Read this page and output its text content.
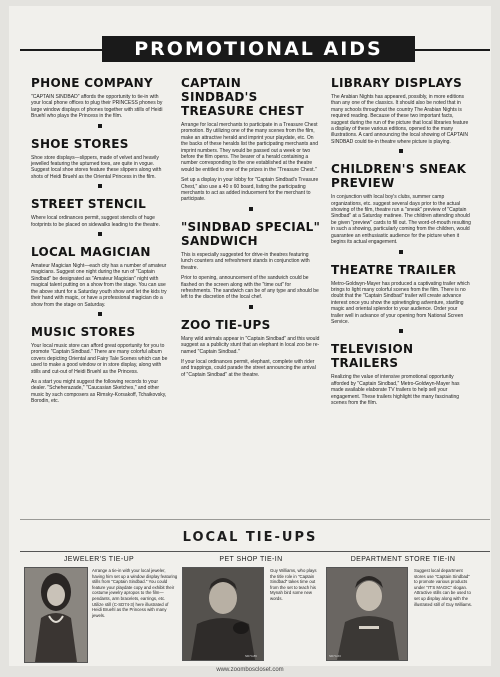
PROMOTIONAL AIDS
PHONE COMPANY

"CAPTAIN SINDBAD" affords the opportunity to tie-in with your local phone offices to plug their PRINCESS phones by large window displays of phones together with stills of Heidi Bruehl who plays the Princess in the film.

SHOE STORES

Shoe store displays—slippers, made of velvet and heavily jewelled featuring the upturned toes, are quite in vogue. Suggest local shoe stores feature these slippers along with shots of Heidi Bruehl as the Oriental Princess in the film.

STREET STENCIL

Where local ordinances permit, suggest stencils of huge footprints to be placed on sidewalks leading to the theatre.

LOCAL MAGICIAN

Amateur Magician Night—each city has a number of amateur magicians. Suggest one night during the run of "Captain Sindbad" be designated as "Amateur Magician" night with magical talent putting on a show from the stage. You can use the above stunt for a Saturday youth show and let the kids try their hand with magic, or have a professional magician do a show from the stage on Saturday.

MUSIC STORES

Your local music store can afford great opportunity for you to promote "Captain Sindbad." There are many colorful album covers depicting Oriental and Fairy Tale Scenes which can be used to make a good window or in store display, along with stills and cut-out of Heidi Bruehl as the Princess.

As a start you might suggest the following records to your dealer. "Scheherazade," "Caucasian Sketches," and other music by such composers as Rimsky-Korsakoff, Tchaikovsky, Borodin, etc.

CAPTAIN SINDBAD'S TREASURE CHEST

Arrange for local merchants to participate in a Treasure Chest promotion. By utilizing one of the many scenes from the film, make an attractive herald and imprint your playdate, etc. On the backs of these heralds list the participating merchants and imprint numbers. They would be passed out a week or two before the film opens. The bearer of a herald containing a number corresponding to the one established at the theatre would be entitled to one of the prizes in the "Treasure Chest."

Set up a display in your lobby for "Captain Sindbad's Treasure Chest," also use a 40 x 60 board, listing the participating merchants to act as added inducement for the merchant to participate.

"SINDBAD SPECIAL" SANDWICH

This is especially suggested for drive-in theatres featuring lunch counters and refreshment stands in conjunction with theatre.

Prior to opening, announcement of the sandwich could be flashed on the screen along with the "time out" for refreshments. The sandwich can be of any type and should be left to the discretion of the local chef.

ZOO TIE-UPS

Many wild animals appear in "Captain Sindbad" and this would suggest as a publicity stunt that an elephant in local zoo be re-named "Captain Sindbad."

If your local ordinances permit, elephant, complete with rider and trappings, could parade the street announcing the arrival of "Captain Sindbad" at the theatre.

LIBRARY DISPLAYS

The Arabian Nights has appeared, possibly, in more editions than any one of the classics. It should also be noted that in many schools throughout the country The Arabian Nights is required reading. Because of these two important facts, suggest during the run of the picture that local libraries feature a display of these various editions, opened to the many illustrations. A card announcing the local showing of CAPTAIN SINDBAD could tie-in theatre where picture is playing.

CHILDREN'S SNEAK PREVIEW

In conjunction with local boy's clubs, summer camp organizations, etc. suggest several days prior to the actual showing of the film, theatre run a "sneak" preview of "Captain Sindbad" at a Saturday matinee. The children attending should be given "preview" cards to fill out. The word-of-mouth resulting in such a showing, particularly coming from the children, would guarantee an enthusiastic audience for the picture when it begins its actual engagement.

THEATRE TRAILER

Metro-Goldwyn-Mayer has produced a captivating trailer which brings to light many colorful scenes from the film. There is no doubt that the "Captain Sindbad" trailer will create advance interest once you show the spinetingling adventure, startling magic and oriental splendor to your audience. Order your trailer well in advance of your opening from National Screen Service.

TELEVISION TRAILERS

Realizing the value of intensive promotional opportunity afforded by "Captain Sindbad," Metro-Goldwyn-Mayer has made available elaborate TV trailers to help sell your engagement. These trailers highlight the many fascinating scenes from the film.

LOCAL TIE-UPS
JEWELER'S TIE-UP
Arrange a tie-in with your local jeweler, having him set up a window display featuring stills from "Captain Sindbad." You could feature your playdate copy and exhibit their costume jewelry apropos to the film—pendants, arm bracelets, earrings, etc. Utilize still (C-SD74-3) here illustrated of Heidi Bruehl as the Princess with many jewels.
PET SHOP TIE-IN
SD74-89
Guy Williams, who plays the title role in "Captain Sindbad" takes time out from the set to teach his Mynah bird some new words.
DEPARTMENT STORE TIE-IN
SD74-63
Suggest local department stores use "Captain Sindbad" to promote various products under "IT'S MAGIC" slogan. Attractive stills can be used to set up display along with the illustrated still of Guy Williams.
www.zoomboscloset.com
